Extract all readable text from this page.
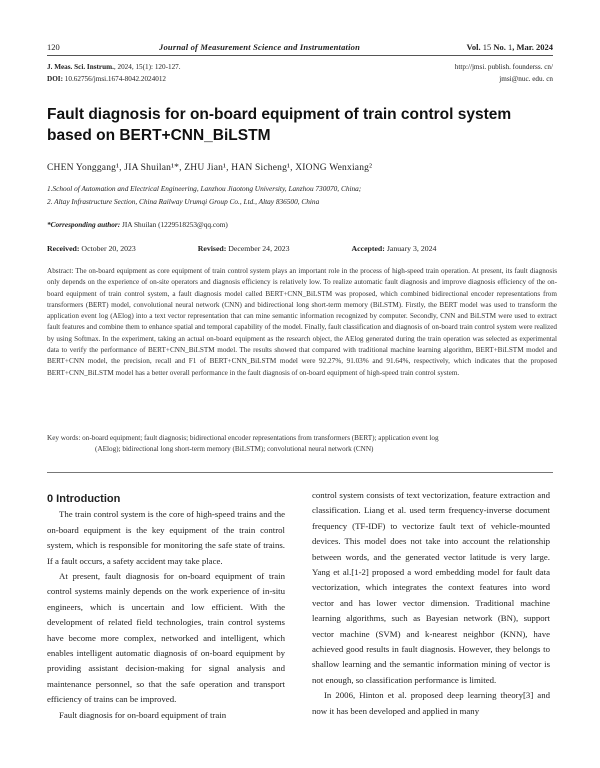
120	Journal of Measurement Science and Instrumentation	Vol. 15 No. 1, Mar. 2024
J. Meas. Sci. Instrum., 2024, 15(1): 120-127.
DOI: 10.62756/jmsi.1674-8042.2024012
http://jmsi. publish. founderss. cn/
jmsi@nuc. edu. cn
Fault diagnosis for on-board equipment of train control system based on BERT+CNN_BiLSTM
CHEN Yonggang¹, JIA Shuilan¹*, ZHU Jian¹, HAN Sicheng¹, XIONG Wenxiang²
1.School of Automation and Electrical Engineering, Lanzhou Jiaotong University, Lanzhou 730070, China;
2. Altay Infrastructure Section, China Railway Urumqi Group Co., Ltd., Altay 836500, China
*Corresponding author: JIA Shuilan (1229518253@qq.com)
Received: October 20, 2023	Revised: December 24, 2023	Accepted: January 3, 2024
Abstract: The on-board equipment as core equipment of train control system plays an important role in the process of high-speed train operation. At present, its fault diagnosis only depends on the experience of on-site operators and diagnosis efficiency is relatively low. To realize automatic fault diagnosis and improve diagnosis efficiency of the on-board equipment of train control system, a fault diagnosis model called BERT+CNN_BiLSTM was proposed, which combined bidirectional encoder representations from transformers (BERT) model, convolutional neural network (CNN) and bidirectional long short-term memory (BiLSTM). Firstly, the BERT model was used to transform the application event log (AElog) into a text vector representation that can mine semantic information recognized by computer. Secondly, CNN and BiLSTM were used to extract fault features and combine them to enhance spatial and temporal capability of the model. Finally, fault classification and diagnosis of on-board train control system were realized by using Softmax. In the experiment, taking an actual on-board equipment as the research object, the AElog generated during the train operation was selected as experimental data to verify the performance of BERT+CNN_BiLSTM model. The results showed that compared with traditional machine learning algorithm, BERT+BiLSTM model and BERT+CNN model, the precision, recall and F1 of BERT+CNN_BiLSTM model were 92.27%, 91.03% and 91.64%, respectively, which indicates that the proposed BERT+CNN_BiLSTM model has a better overall performance in the fault diagnosis of on-board equipment of high-speed train control system.
Key words: on-board equipment; fault diagnosis; bidirectional encoder representations from transformers (BERT); application event log
(AElog); bidirectional long short-term memory (BiLSTM); convolutional neural network (CNN)

0 Introduction

The train control system is the core of high-speed trains and the on-board equipment is the key equipment of the train control system, which is responsible for monitoring the safe state of trains. If a fault occurs, a safety accident may take place.

At present, fault diagnosis for on-board equipment of train control systems mainly depends on the work experience of in-situ engineers, which is uncertain and low efficient. With the development of related field technologies, train control systems have become more complex, networked and intelligent, which enables intelligent automatic diagnosis of on-board equipment by providing assistant decision-making for signal analysis and maintenance personnel, so that the safe operation and transport efficiency of trains can be improved.

Fault diagnosis for on-board equipment of train

control system consists of text vectorization, feature extraction and classification. Liang et al. used term frequency-inverse document frequency (TF-IDF) to vectorize fault text of vehicle-mounted devices. This model does not take into account the relationship between words, and the generated vector latitude is very large. Yang et al.[1-2] proposed a word embedding model for fault data vectorization, which integrates the context features into word vector and has lower vector dimension. Traditional machine learning algorithms, such as Bayesian network (BN), support vector machine (SVM) and k-nearest neighbor (KNN), have achieved good results in fault diagnosis. However, they belongs to shallow learning and the semantic information mining of vector is not enough, so classification performance is limited.

In 2006, Hinton et al. proposed deep learning theory[3] and now it has been developed and applied in many
